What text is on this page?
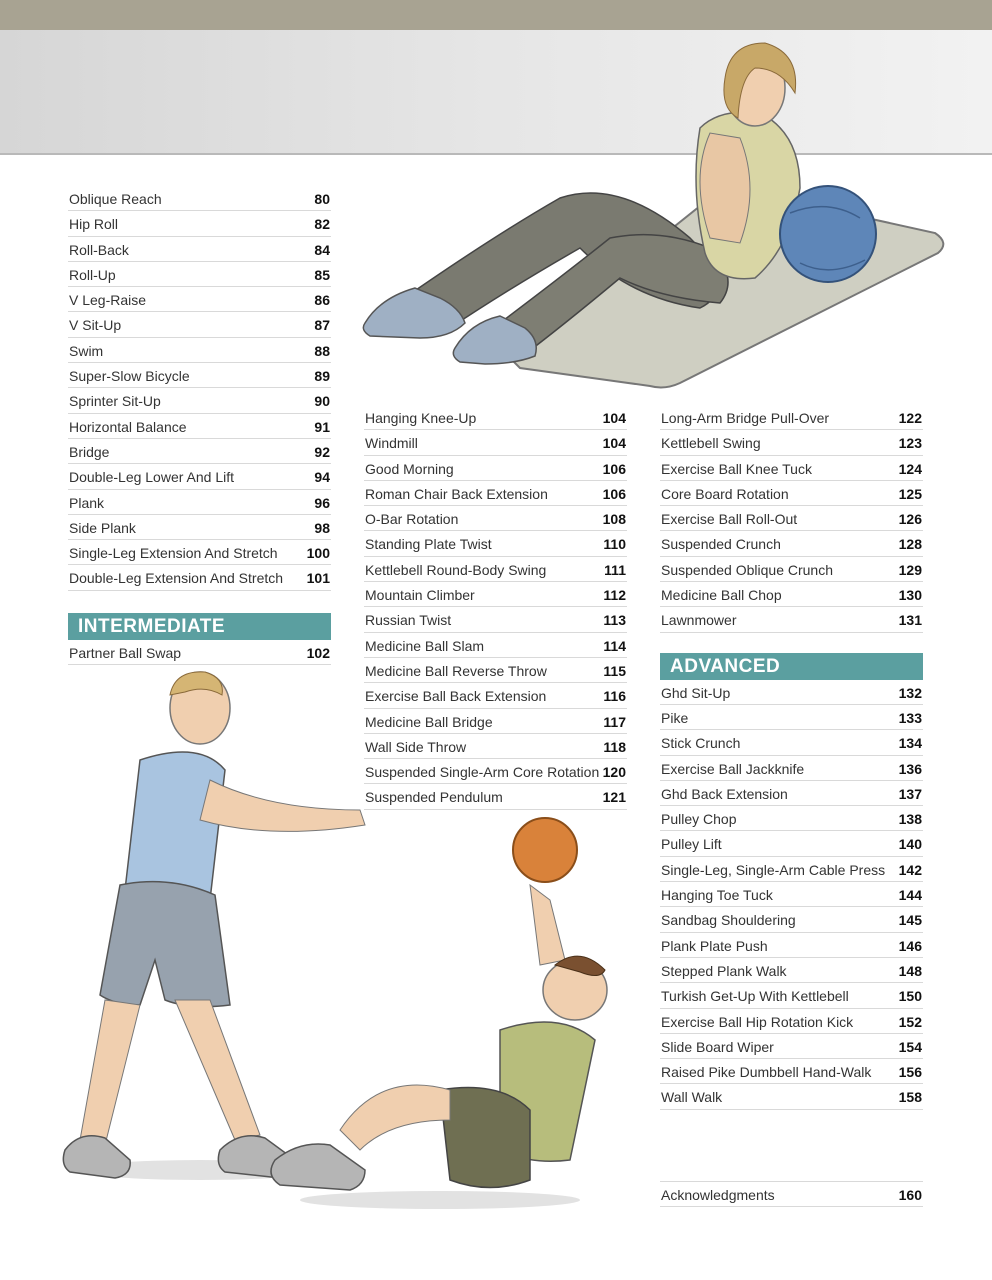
Oblique Reach	80
Hip Roll	82
Roll-Back	84
Roll-Up	85
V Leg-Raise	86
V Sit-Up	87
Swim	88
Super-Slow Bicycle	89
Sprinter Sit-Up	90
Horizontal Balance	91
Bridge	92
Double-Leg Lower And Lift	94
Plank	96
Side Plank	98
Single-Leg Extension And Stretch 100
Double-Leg Extension And Stretch 101
INTERMEDIATE
Partner Ball Swap	102
Hanging Knee-Up	104
Windmill	104
Good Morning	106
Roman Chair Back Extension	106
O-Bar Rotation	108
Standing Plate Twist	110
Kettlebell Round-Body Swing	111
Mountain Climber	112
Russian Twist	113
Medicine Ball Slam	114
Medicine Ball Reverse Throw	115
Exercise Ball Back Extension	116
Medicine Ball Bridge	117
Wall Side Throw	118
Suspended Single-Arm Core Rotation 120
Suspended Pendulum	121
Long-Arm Bridge Pull-Over	122
Kettlebell Swing	123
Exercise Ball Knee Tuck	124
Core Board Rotation	125
Exercise Ball Roll-Out	126
Suspended Crunch	128
Suspended Oblique Crunch	129
Medicine Ball Chop	130
Lawnmower	131
ADVANCED
Ghd Sit-Up	132
Pike	133
Stick Crunch	134
Exercise Ball Jackknife	136
Ghd Back Extension	137
Pulley Chop	138
Pulley Lift	140
Single-Leg, Single-Arm Cable Press 142
Hanging Toe Tuck	144
Sandbag Shouldering	145
Plank Plate Push	146
Stepped Plank Walk	148
Turkish Get-Up With Kettlebell	150
Exercise Ball Hip Rotation Kick	152
Slide Board Wiper	154
Raised Pike Dumbbell Hand-Walk 156
Wall Walk	158
Acknowledgments	160
